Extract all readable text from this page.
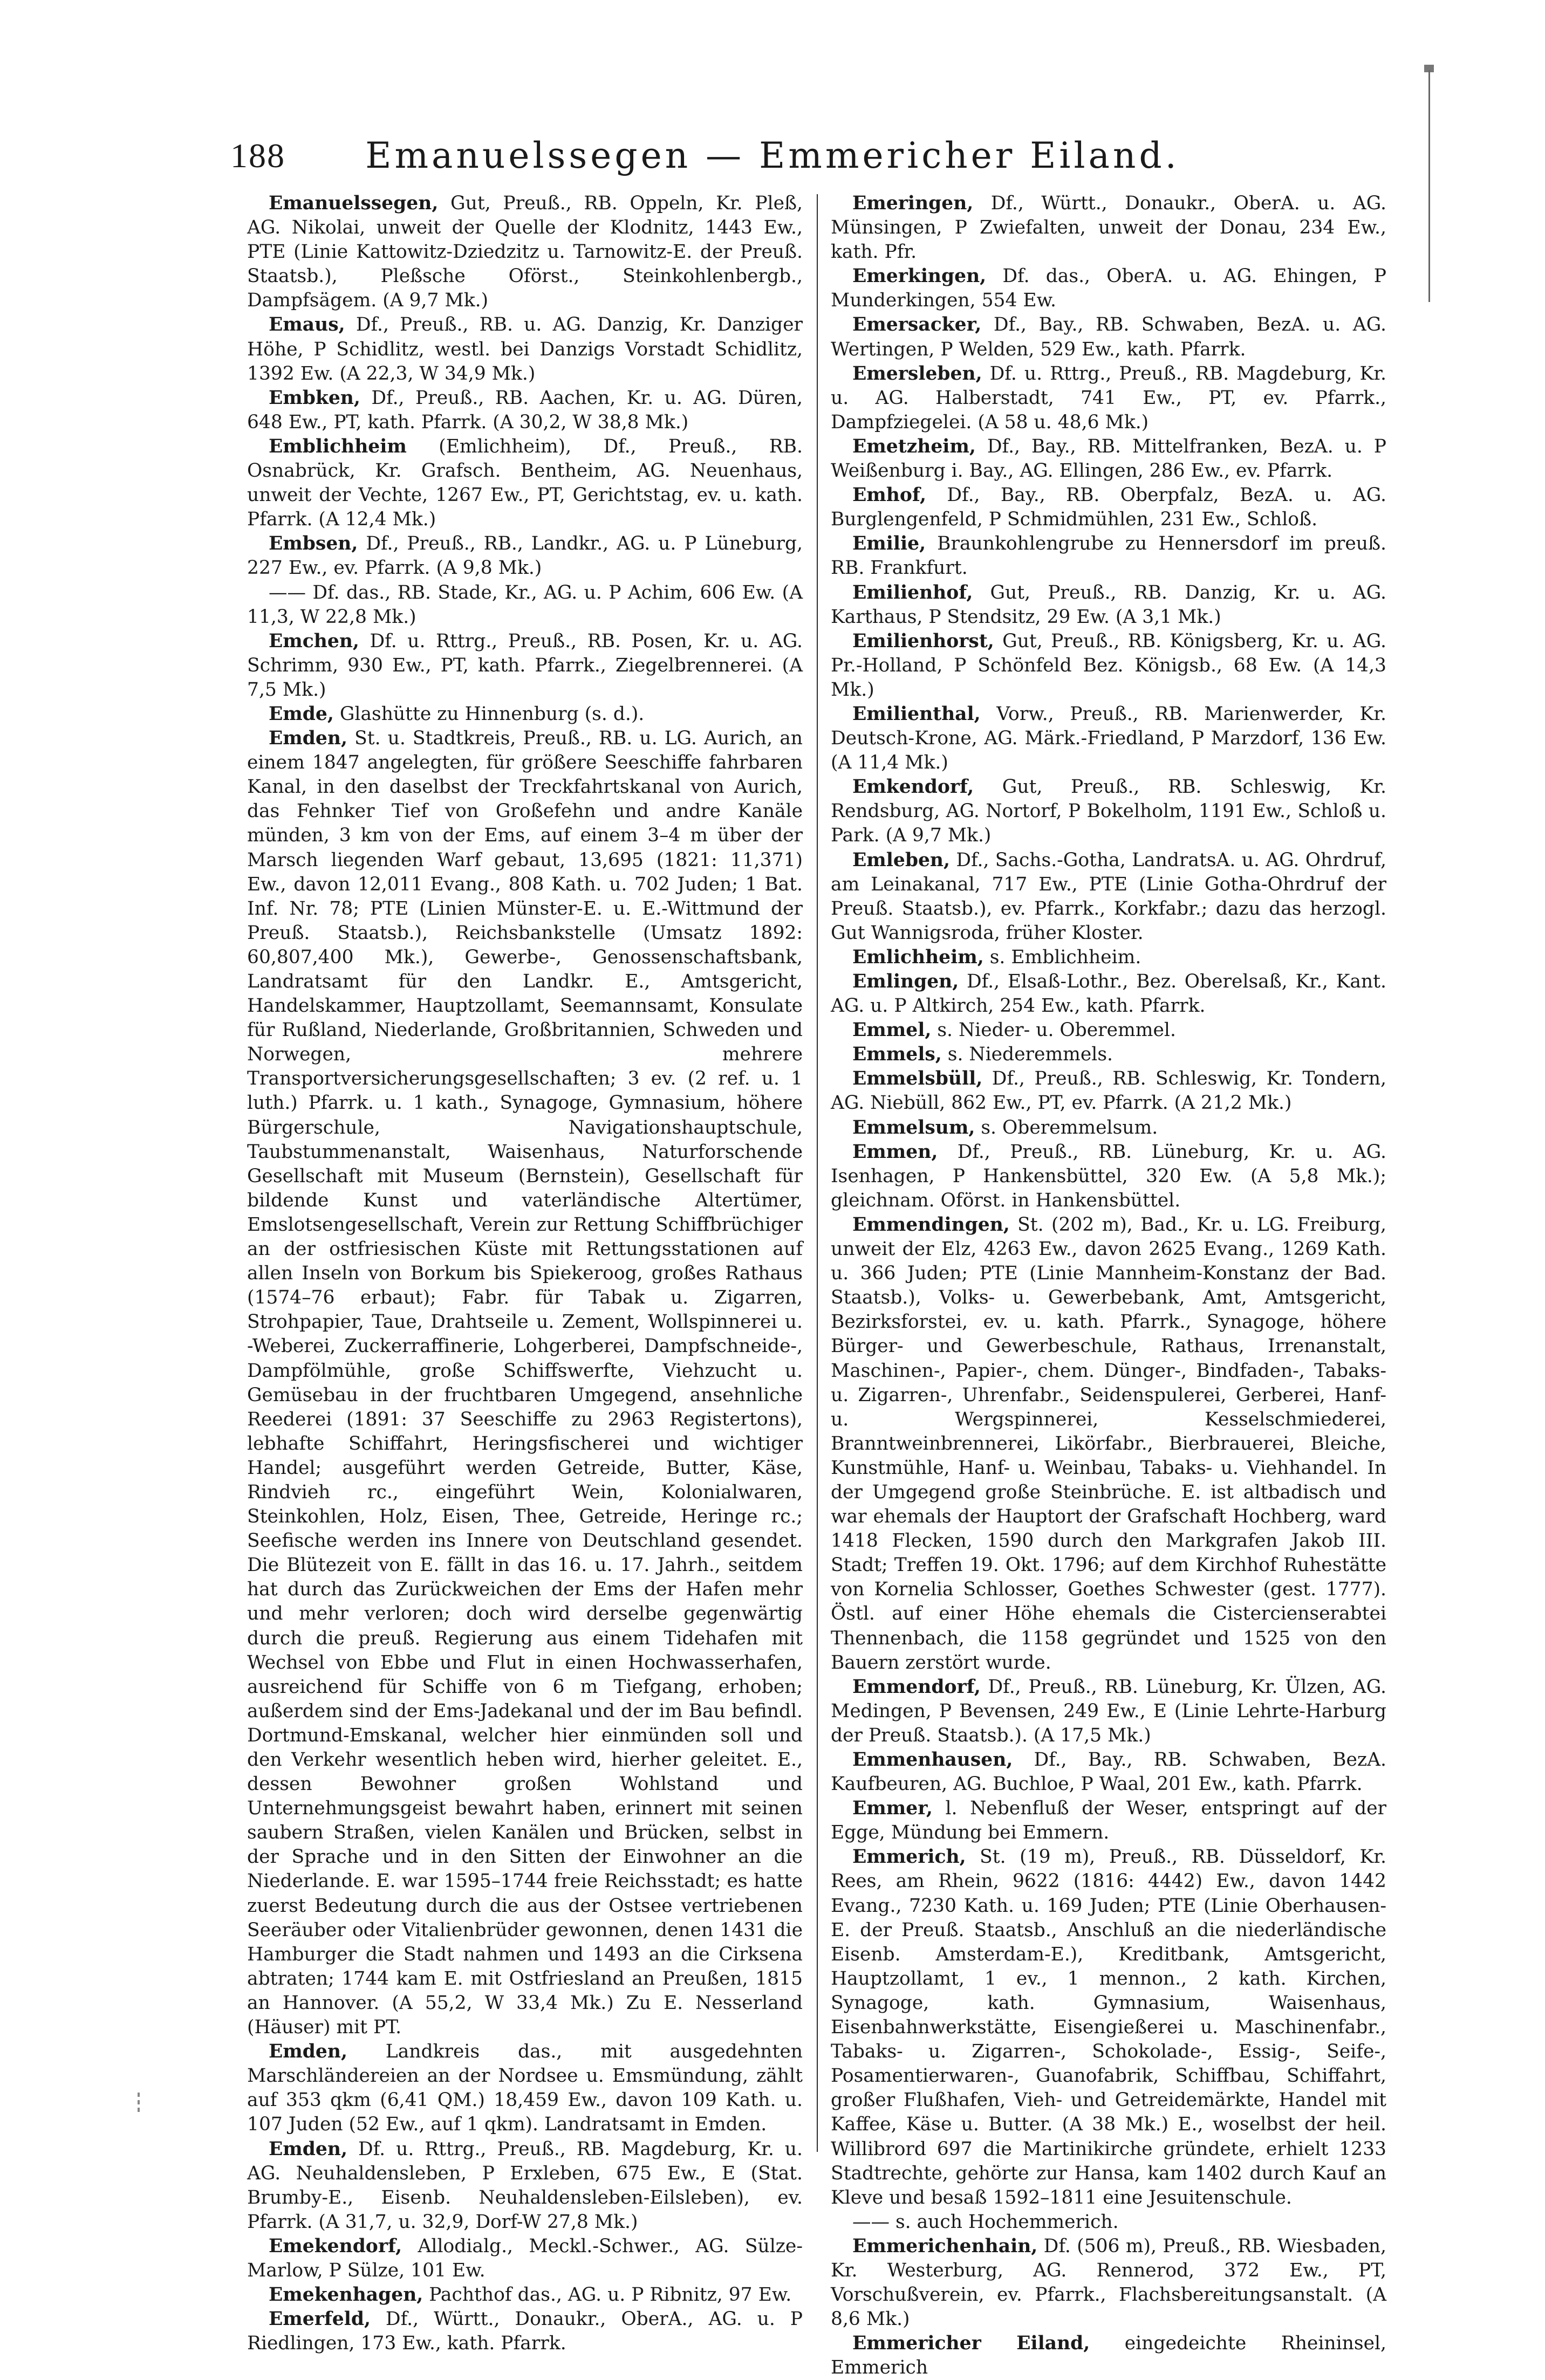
188	Emanuelssegen — Emmericher Eiland.

Emanuelssegen, Gut, Preuß., RB. Oppeln, Kr. Pleß, AG. Nikolai, unweit der Quelle der Klodnitz, 1443 Ew., PTE (Linie Kattowitz-Dziedzitz u. Tarnowitz-E. der Preuß. Staatsb.), Pleßsche Oförst., Steinkohlenbergb., Dampfsägem. (A 9,7 Mk.)

Emaus, Df., Preuß., RB. u. AG. Danzig, Kr. Danziger Höhe, P Schidlitz, westl. bei Danzigs Vorstadt Schidlitz, 1392 Ew. (A 22,3, W 34,9 Mk.)

Embken, Df., Preuß., RB. Aachen, Kr. u. AG. Düren, 648 Ew., PT, kath. Pfarrk. (A 30,2, W 38,8 Mk.)

Emblichheim (Emlichheim), Df., Preuß., RB. Osnabrück, Kr. Grafsch. Bentheim, AG. Neuenhaus, unweit der Vechte, 1267 Ew., PT, Gerichtstag, ev. u. kath. Pfarrk. (A 12,4 Mk.)

Embsen, Df., Preuß., RB., Landkr., AG. u. P Lüneburg, 227 Ew., ev. Pfarrk. (A 9,8 Mk.)

—— Df. das., RB. Stade, Kr., AG. u. P Achim, 606 Ew. (A 11,3, W 22,8 Mk.)

Emchen, Df. u. Rttrg., Preuß., RB. Posen, Kr. u. AG. Schrimm, 930 Ew., PT, kath. Pfarrk., Ziegelbrennerei. (A 7,5 Mk.)

Emde, Glashütte zu Hinnenburg (s. d.).

Emden, St. u. Stadtkreis, Preuß., RB. u. LG. Aurich, an einem 1847 angelegten, für größere Seeschiffe fahrbaren Kanal, in den daselbst der Treckfahrtskanal von Aurich, das Fehnker Tief von Großefehn und andre Kanäle münden, 3 km von der Ems, auf einem 3–4 m über der Marsch liegenden Warf gebaut, 13,695 (1821: 11,371) Ew., davon 12,011 Evang., 808 Kath. u. 702 Juden; 1 Bat. Inf. Nr. 78; PTE (Linien Münster-E. u. E.-Wittmund der Preuß. Staatsb.), Reichsbankstelle (Umsatz 1892: 60,807,400 Mk.), Gewerbe-, Genossenschaftsbank, Landratsamt für den Landkr. E., Amtsgericht, Handelskammer, Hauptzollamt, Seemannsamt, Konsulate für Rußland, Niederlande, Großbritannien, Schweden und Norwegen, mehrere Transportversicherungsgesellschaften; 3 ev. (2 ref. u. 1 luth.) Pfarrk. u. 1 kath., Synagoge, Gymnasium, höhere Bürgerschule, Navigationshauptschule, Taubstummenanstalt, Waisenhaus, Naturforschende Gesellschaft mit Museum (Bernstein), Gesellschaft für bildende Kunst und vaterländische Altertümer, Emslotsengesellschaft, Verein zur Rettung Schiffbrüchiger an der ostfriesischen Küste mit Rettungsstationen auf allen Inseln von Borkum bis Spiekeroog, großes Rathaus (1574–76 erbaut); Fabr. für Tabak u. Zigarren, Strohpapier, Taue, Drahtseile u. Zement, Wollspinnerei u. -Weberei, Zuckerraffinerie, Lohgerberei, Dampfschneide-, Dampfölmühle, große Schiffswerfte, Viehzucht u. Gemüsebau in der fruchtbaren Umgegend, ansehnliche Reederei (1891: 37 Seeschiffe zu 2963 Registertons), lebhafte Schiffahrt, Heringsfischerei und wichtiger Handel; ausgeführt werden Getreide, Butter, Käse, Rindvieh rc., eingeführt Wein, Kolonialwaren, Steinkohlen, Holz, Eisen, Thee, Getreide, Heringe rc.; Seefische werden ins Innere von Deutschland gesendet. Die Blütezeit von E. fällt in das 16. u. 17. Jahrh., seitdem hat durch das Zurückweichen der Ems der Hafen mehr und mehr verloren; doch wird derselbe gegenwärtig durch die preuß. Regierung aus einem Tidehafen mit Wechsel von Ebbe und Flut in einen Hochwasserhafen, ausreichend für Schiffe von 6 m Tiefgang, erhoben; außerdem sind der Ems-Jadekanal und der im Bau befindl. Dortmund-Emskanal, welcher hier einmünden soll und den Verkehr wesentlich heben wird, hierher geleitet. E., dessen Bewohner großen Wohlstand und Unternehmungsgeist bewahrt haben, erinnert mit seinen saubern Straßen, vielen Kanälen und Brücken, selbst in der Sprache und in den Sitten der Einwohner an die Niederlande. E. war 1595–1744 freie Reichsstadt; es hatte zuerst Bedeutung durch die aus der Ostsee vertriebenen Seeräuber oder Vitalienbrüder gewonnen, denen 1431 die Hamburger die Stadt nahmen und 1493 an die Cirksena abtraten; 1744 kam E. mit Ostfriesland an Preußen, 1815 an Hannover. (A 55,2, W 33,4 Mk.) Zu E. Nesserland (Häuser) mit PT.

Emden, Landkreis das., mit ausgedehnten Marschländereien an der Nordsee u. Emsmündung, zählt auf 353 qkm (6,41 QM.) 18,459 Ew., davon 109 Kath. u. 107 Juden (52 Ew., auf 1 qkm). Landratsamt in Emden.

Emden, Df. u. Rttrg., Preuß., RB. Magdeburg, Kr. u. AG. Neuhaldensleben, P Erxleben, 675 Ew., E (Stat. Brumby-E., Eisenb. Neuhaldensleben-Eilsleben), ev. Pfarrk. (A 31,7, u. 32,9, Dorf-W 27,8 Mk.)

Emekendorf, Allodialg., Meckl.-Schwer., AG. Sülze-Marlow, P Sülze, 101 Ew.

Emekenhagen, Pachthof das., AG. u. P Ribnitz, 97 Ew.

Emerfeld, Df., Württ., Donaukr., OberA., AG. u. P Riedlingen, 173 Ew., kath. Pfarrk.

Emeringen, Df., Württ., Donaukr., OberA. u. AG. Münsingen, P Zwiefalten, unweit der Donau, 234 Ew., kath. Pfr.

Emerkingen, Df. das., OberA. u. AG. Ehingen, P Munderkingen, 554 Ew.

Emersacker, Df., Bay., RB. Schwaben, BezA. u. AG. Wertingen, P Welden, 529 Ew., kath. Pfarrk.

Emersleben, Df. u. Rttrg., Preuß., RB. Magdeburg, Kr. u. AG. Halberstadt, 741 Ew., PT, ev. Pfarrk., Dampfziegelei. (A 58 u. 48,6 Mk.)

Emetzheim, Df., Bay., RB. Mittelfranken, BezA. u. P Weißenburg i. Bay., AG. Ellingen, 286 Ew., ev. Pfarrk.

Emhof, Df., Bay., RB. Oberpfalz, BezA. u. AG. Burglengenfeld, P Schmidmühlen, 231 Ew., Schloß.

Emilie, Braunkohlengrube zu Hennersdorf im preuß. RB. Frankfurt.

Emilienhof, Gut, Preuß., RB. Danzig, Kr. u. AG. Karthaus, P Stendsitz, 29 Ew. (A 3,1 Mk.)

Emilienhorst, Gut, Preuß., RB. Königsberg, Kr. u. AG. Pr.-Holland, P Schönfeld Bez. Königsb., 68 Ew. (A 14,3 Mk.)

Emilienthal, Vorw., Preuß., RB. Marienwerder, Kr. Deutsch-Krone, AG. Märk.-Friedland, P Marzdorf, 136 Ew. (A 11,4 Mk.)

Emkendorf, Gut, Preuß., RB. Schleswig, Kr. Rendsburg, AG. Nortorf, P Bokelholm, 1191 Ew., Schloß u. Park. (A 9,7 Mk.)

Emleben, Df., Sachs.-Gotha, LandratsA. u. AG. Ohrdruf, am Leinakanal, 717 Ew., PTE (Linie Gotha-Ohrdruf der Preuß. Staatsb.), ev. Pfarrk., Korkfabr.; dazu das herzogl. Gut Wannigsroda, früher Kloster.

Emlichheim, s. Emblichheim.

Emlingen, Df., Elsaß-Lothr., Bez. Oberelsaß, Kr., Kant. AG. u. P Altkirch, 254 Ew., kath. Pfarrk.

Emmel, s. Nieder- u. Oberemmel.

Emmels, s. Niederemmels.

Emmelsbüll, Df., Preuß., RB. Schleswig, Kr. Tondern, AG. Niebüll, 862 Ew., PT, ev. Pfarrk. (A 21,2 Mk.)

Emmelsum, s. Oberemmelsum.

Emmen, Df., Preuß., RB. Lüneburg, Kr. u. AG. Isenhagen, P Hankensbüttel, 320 Ew. (A 5,8 Mk.); gleichnam. Oförst. in Hankensbüttel.

Emmendingen, St. (202 m), Bad., Kr. u. LG. Freiburg, unweit der Elz, 4263 Ew., davon 2625 Evang., 1269 Kath. u. 366 Juden; PTE (Linie Mannheim-Konstanz der Bad. Staatsb.), Volks- u. Gewerbebank, Amt, Amtsgericht, Bezirksforstei, ev. u. kath. Pfarrk., Synagoge, höhere Bürger- und Gewerbeschule, Rathaus, Irrenanstalt, Maschinen-, Papier-, chem. Dünger-, Bindfaden-, Tabaks- u. Zigarren-, Uhrenfabr., Seidenspulerei, Gerberei, Hanf- u. Wergspinnerei, Kesselschmiederei, Branntweinbrennerei, Likörfabr., Bierbrauerei, Bleiche, Kunstmühle, Hanf- u. Weinbau, Tabaks- u. Viehhandel. In der Umgegend große Steinbrüche. E. ist altbadisch und war ehemals der Hauptort der Grafschaft Hochberg, ward 1418 Flecken, 1590 durch den Markgrafen Jakob III. Stadt; Treffen 19. Okt. 1796; auf dem Kirchhof Ruhestätte von Kornelia Schlosser, Goethes Schwester (gest. 1777). Östl. auf einer Höhe ehemals die Cistercienserabtei Thennenbach, die 1158 gegründet und 1525 von den Bauern zerstört wurde.

Emmendorf, Df., Preuß., RB. Lüneburg, Kr. Ülzen, AG. Medingen, P Bevensen, 249 Ew., E (Linie Lehrte-Harburg der Preuß. Staatsb.). (A 17,5 Mk.)

Emmenhausen, Df., Bay., RB. Schwaben, BezA. Kaufbeuren, AG. Buchloe, P Waal, 201 Ew., kath. Pfarrk.

Emmer, l. Nebenfluß der Weser, entspringt auf der Egge, Mündung bei Emmern.

Emmerich, St. (19 m), Preuß., RB. Düsseldorf, Kr. Rees, am Rhein, 9622 (1816: 4442) Ew., davon 1442 Evang., 7230 Kath. u. 169 Juden; PTE (Linie Oberhausen-E. der Preuß. Staatsb., Anschluß an die niederländische Eisenb. Amsterdam-E.), Kreditbank, Amtsgericht, Hauptzollamt, 1 ev., 1 mennon., 2 kath. Kirchen, Synagoge, kath. Gymnasium, Waisenhaus, Eisenbahnwerkstätte, Eisengießerei u. Maschinenfabr., Tabaks- u. Zigarren-, Schokolade-, Essig-, Seife-, Posamentierwaren-, Guanofabrik, Schiffbau, Schiffahrt, großer Flußhafen, Vieh- und Getreidemärkte, Handel mit Kaffee, Käse u. Butter. (A 38 Mk.) E., woselbst der heil. Willibrord 697 die Martinikirche gründete, erhielt 1233 Stadtrechte, gehörte zur Hansa, kam 1402 durch Kauf an Kleve und besaß 1592–1811 eine Jesuitenschule.

—— s. auch Hochemmerich.

Emmerichenhain, Df. (506 m), Preuß., RB. Wiesbaden, Kr. Westerburg, AG. Rennerod, 372 Ew., PT, Vorschußverein, ev. Pfarrk., Flachsbereitungsanstalt. (A 8,6 Mk.)

Emmericher Eiland, eingedeichte Rheininsel, Emmerich
